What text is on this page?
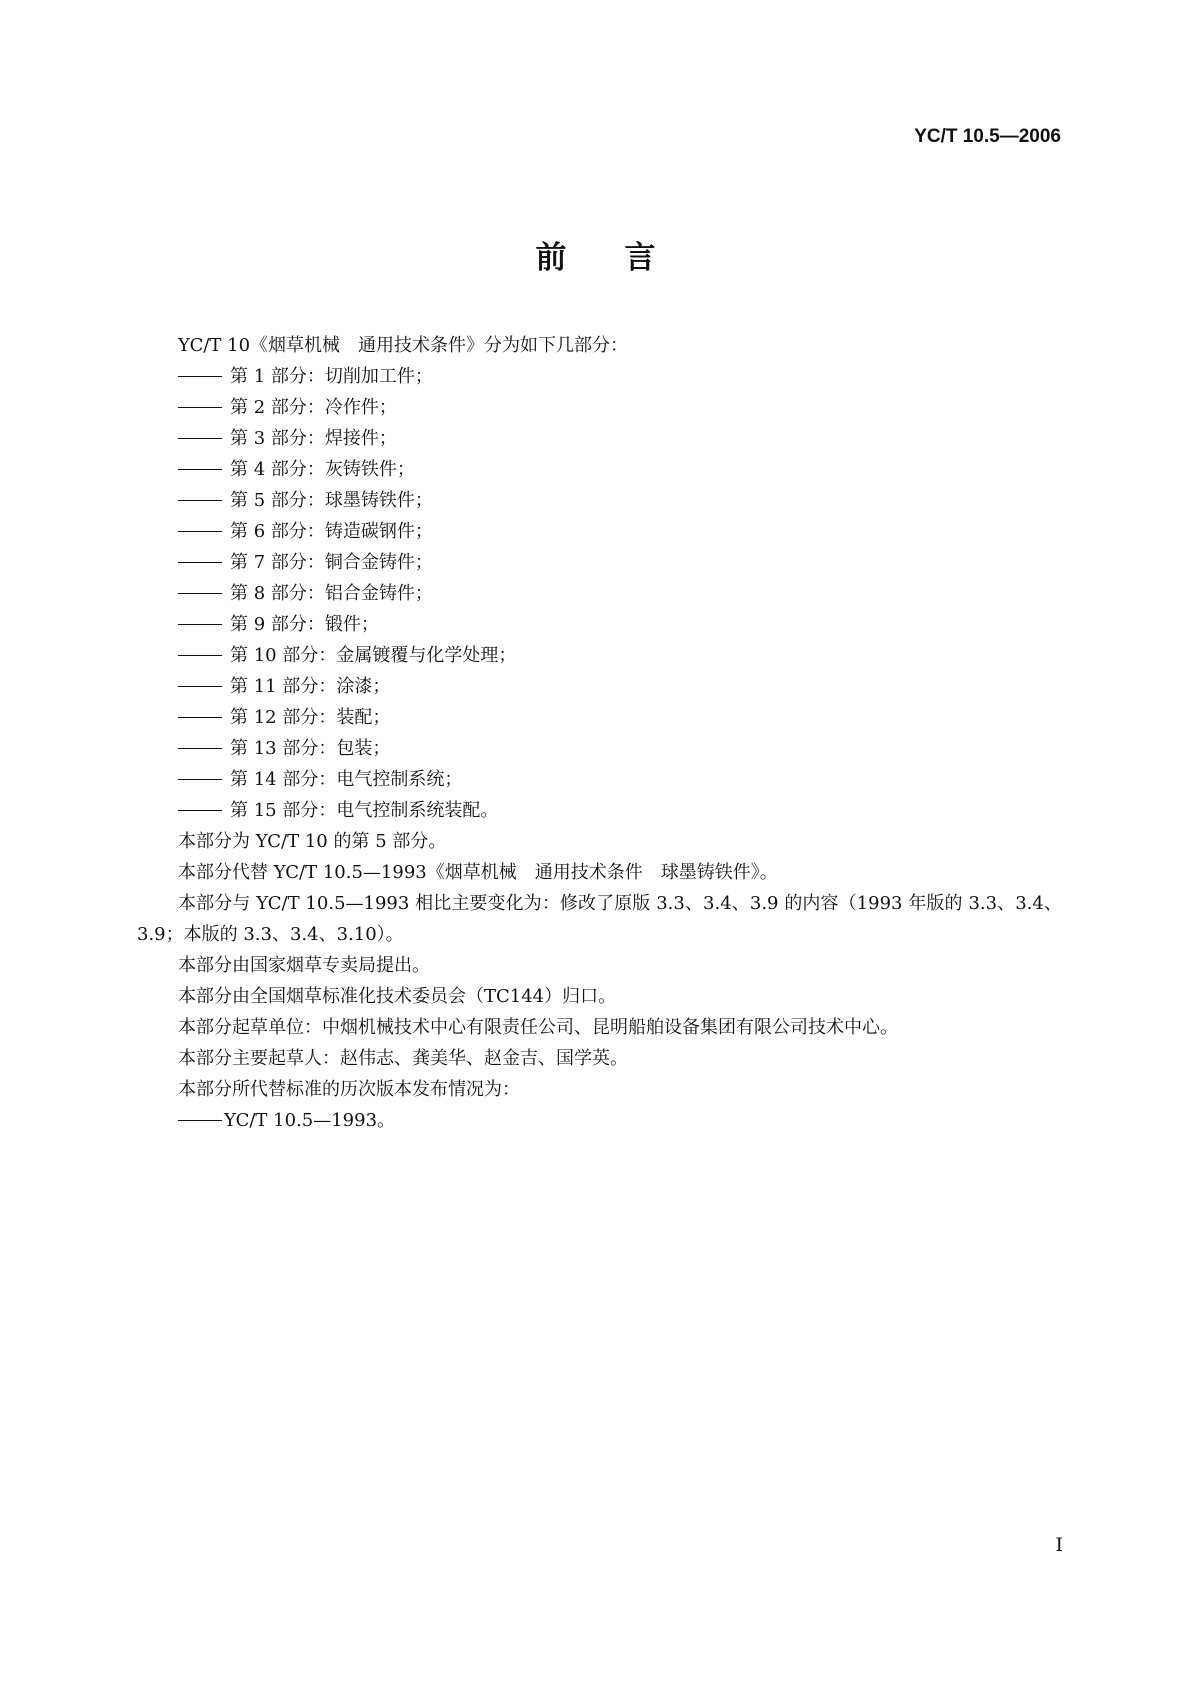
YC/T 10.5—2006
前言

YC/T 10《烟草机械　通用技术条件》分为如下几部分：

第 1 部分：切削加工件；

第 2 部分：冷作件；

第 3 部分：焊接件；

第 4 部分：灰铸铁件；

第 5 部分：球墨铸铁件；

第 6 部分：铸造碳钢件；

第 7 部分：铜合金铸件；

第 8 部分：铝合金铸件；

第 9 部分：锻件；

第 10 部分：金属镀覆与化学处理；

第 11 部分：涂漆；

第 12 部分：装配；

第 13 部分：包装；

第 14 部分：电气控制系统；

第 15 部分：电气控制系统装配。

本部分为 YC/T 10 的第 5 部分。

本部分代替 YC/T 10.5—1993《烟草机械　通用技术条件　球墨铸铁件》。

本部分与 YC/T 10.5—1993 相比主要变化为：修改了原版 3.3、3.4、3.9 的内容（1993 年版的 3.3、3.4、3.9；本版的 3.3、3.4、3.10）。

本部分由国家烟草专卖局提出。

本部分由全国烟草标准化技术委员会（TC144）归口。

本部分起草单位：中烟机械技术中心有限责任公司、昆明船舶设备集团有限公司技术中心。

本部分主要起草人：赵伟志、龚美华、赵金吉、国学英。

本部分所代替标准的历次版本发布情况为：

YC/T 10.5—1993。

I
